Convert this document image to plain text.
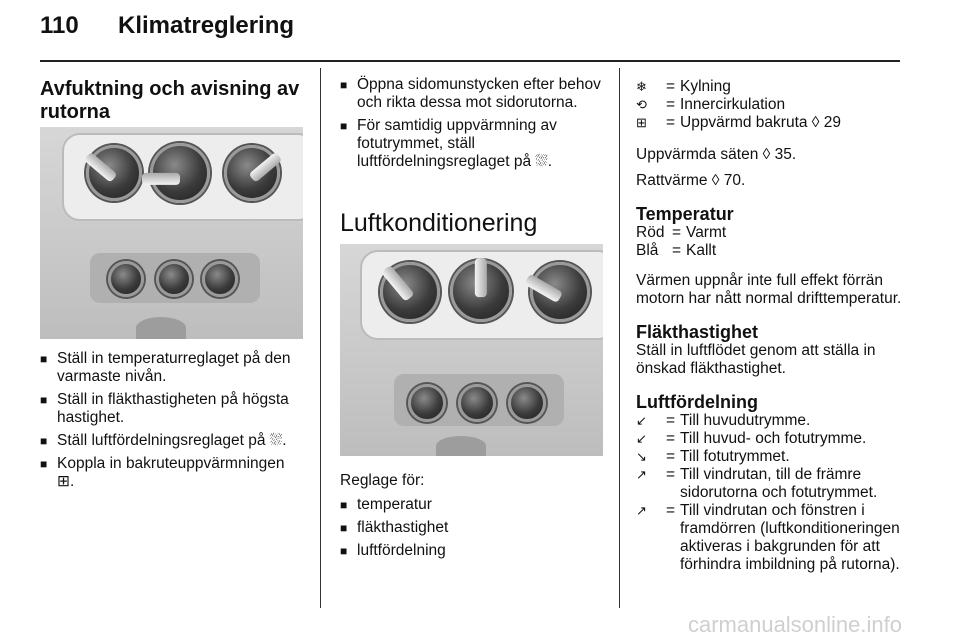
110 Klimatreglering
Avfuktning och avisning av rutorna
■ Ställ in temperaturreglaget på den varmaste nivån.
■ Ställ in fläkthastigheten på högsta hastighet.
■ Ställ luftfördelningsreglaget på ⛆.
■ Koppla in bakruteuppvärmningen ⊞.
■ Öppna sidomunstycken efter behov och rikta dessa mot sidorutorna.
■ För samtidig uppvärmning av fotutrymmet, ställ luftfördelningsreglaget på ⛆.
Luftkonditionering
Reglage för:
■ temperatur
■ fläkthastighet
■ luftfördelning
❄	= Kylning
⟲	= Innercirkulation
⊞	= Uppvärmd bakruta ◊ 29
Uppvärmda säten ◊ 35.
Rattvärme ◊ 70.
Temperatur
Röd = Varmt
Blå = Kallt
Värmen uppnår inte full effekt förrän motorn har nått normal drifttemperatur.
Fläkthastighet
Ställ in luftflödet genom att ställa in önskad fläkthastighet.
Luftfördelning
↙	= Till huvudutrymme.
↙	= Till huvud- och fotutrymme.
↘	= Till fotutrymmet.
↗	= Till vindrutan, till de främre sidorutorna och fotutrymmet.
↗	= Till vindrutan och fönstren i framdörren (luftkonditioneringen aktiveras i bakgrunden för att förhindra imbildning på rutorna).
carmanualsonline.info
